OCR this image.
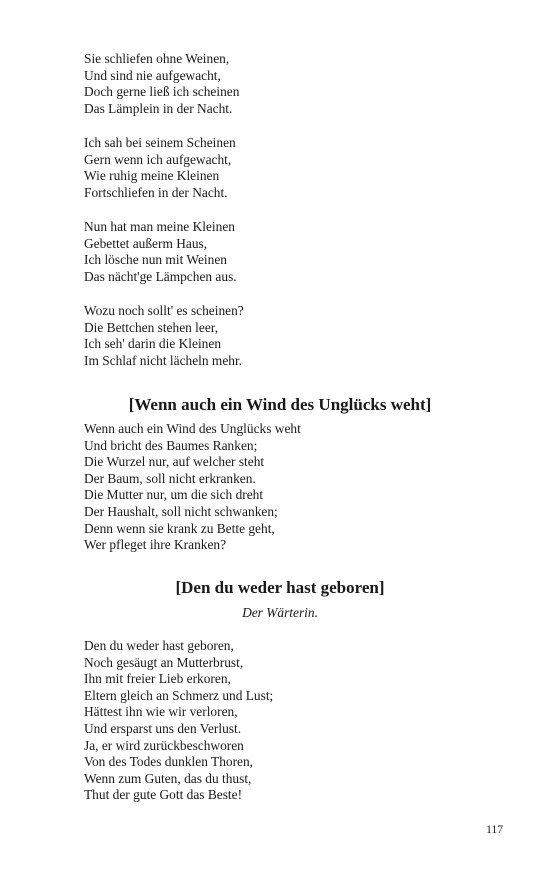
Sie schliefen ohne Weinen,
Und sind nie aufgewacht,
Doch gerne ließ ich scheinen
Das Lämplein in der Nacht.
Ich sah bei seinem Scheinen
Gern wenn ich aufgewacht,
Wie ruhig meine Kleinen
Fortschliefen in der Nacht.
Nun hat man meine Kleinen
Gebettet außerm Haus,
Ich lösche nun mit Weinen
Das nächt'ge Lämpchen aus.
Wozu noch sollt' es scheinen?
Die Bettchen stehen leer,
Ich seh' darin die Kleinen
Im Schlaf nicht lächeln mehr.
[Wenn auch ein Wind des Unglücks weht]
Wenn auch ein Wind des Unglücks weht
Und bricht des Baumes Ranken;
Die Wurzel nur, auf welcher steht
Der Baum, soll nicht erkranken.
Die Mutter nur, um die sich dreht
Der Haushalt, soll nicht schwanken;
Denn wenn sie krank zu Bette geht,
Wer pfleget ihre Kranken?
[Den du weder hast geboren]
Der Wärterin.
Den du weder hast geboren,
Noch gesäugt an Mutterbrust,
Ihn mit freier Lieb erkoren,
Eltern gleich an Schmerz und Lust;
Hättest ihn wie wir verloren,
Und ersparst uns den Verlust.
Ja, er wird zurückbeschworen
Von des Todes dunklen Thoren,
Wenn zum Guten, das du thust,
Thut der gute Gott das Beste!
117
